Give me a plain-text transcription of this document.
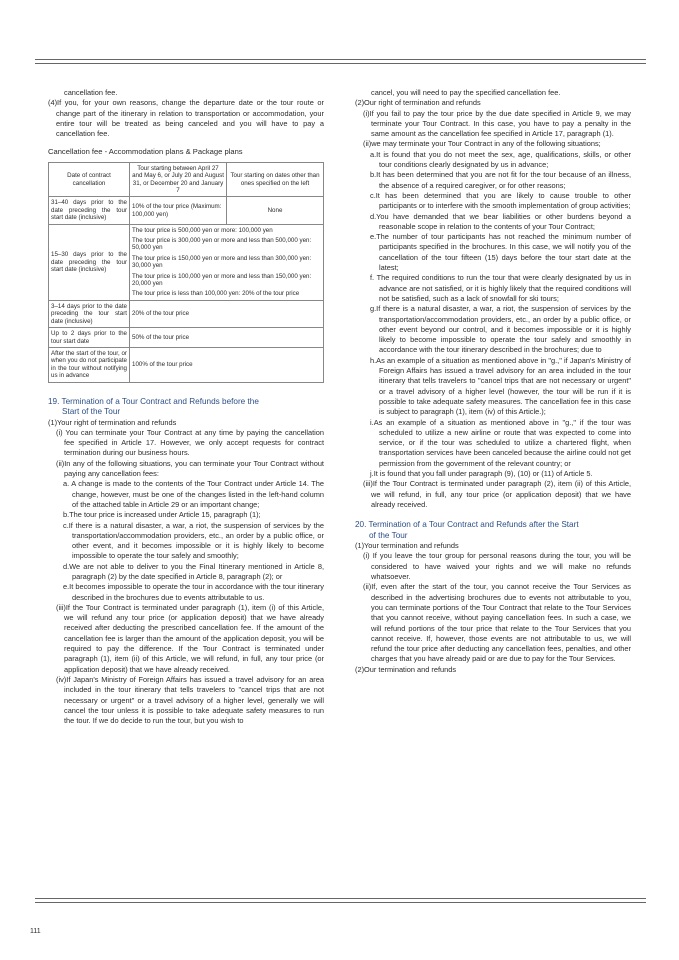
cancellation fee.

(4)If you, for your own reasons, change the departure date or the tour route or change part of the itinerary in relation to transportation or accommodation, your entire tour will be treated as being canceled and you will have to pay a cancellation fee.

Cancellation fee - Accommodation plans & Package plans

Date of contract cancellation	Tour starting between April 27 and May 6, or July 20 and August 31, or December 20 and January 7	Tour starting on dates other than ones specified on the left
31–40 days prior to the date preceding the tour start date (inclusive)	10% of the tour price (Maximum: 100,000 yen)	None
15–30 days prior to the date preceding the tour start date (inclusive)	The tour price is 500,000 yen or more: 100,000 yen

The tour price is 300,000 yen or more and less than 500,000 yen: 50,000 yen

The tour price is 150,000 yen or more and less than 300,000 yen: 30,000 yen

The tour price is 100,000 yen or more and less than 150,000 yen: 20,000 yen

The tour price is less than 100,000 yen: 20% of the tour price	

3–14 days prior to the date preceding the tour start date (inclusive)	20% of the tour price	
Up to 2 days prior to the tour start date	50% of the tour price	
After the start of the tour, or when you do not participate in the tour without notifying us in advance	100% of the tour price	

19. Termination of a Tour Contract and Refunds before the

Start of the Tour

(1)Your right of termination and refunds

(i) You can terminate your Tour Contract at any time by paying the cancellation fee specified in Article 17. However, we only accept requests for contract termination during our business hours.

(ii)In any of the following situations, you can terminate your Tour Contract without paying any cancellation fees:

a. A change is made to the contents of the Tour Contract under Article 14. The change, however, must be one of the changes listed in the left-hand column of the attached table in Article 29 or an important change;

b.The tour price is increased under Article 15, paragraph (1);

c.If there is a natural disaster, a war, a riot, the suspension of services by the transportation/accommodation providers, etc., an order by a public office, or other event, and it becomes impossible or it is highly likely to become impossible to operate the tour safely and smoothly;

d.We are not able to deliver to you the Final Itinerary mentioned in Article 8, paragraph (2) by the date specified in Article 8, paragraph (2); or

e.It becomes impossible to operate the tour in accordance with the tour itinerary described in the brochures due to events attributable to us.

(iii)If the Tour Contract is terminated under paragraph (1), item (i) of this Article, we will refund any tour price (or application deposit) that we have already received after deducting the prescribed cancellation fee. If the amount of the cancellation fee is larger than the amount of the application deposit, you will be required to pay the difference. If the Tour Contract is terminated under paragraph (1), item (ii) of this Article, we will refund, in full, any tour price (or application deposit) that we have already received.

(iv)If Japan's Ministry of Foreign Affairs has issued a travel advisory for an area included in the tour itinerary that tells travelers to "cancel trips that are not necessary or urgent" or a travel advisory of a higher level, generally we will cancel the tour unless it is possible to take adequate safety measures to run the tour. If we do decide to run the tour, but you wish to

cancel, you will need to pay the specified cancellation fee.

(2)Our right of termination and refunds

(i)If you fail to pay the tour price by the due date specified in Article 9, we may terminate your Tour Contract. In this case, you have to pay a penalty in the same amount as the cancellation fee specified in Article 17, paragraph (1).

(ii)we may terminate your Tour Contract in any of the following situations;

a.It is found that you do not meet the sex, age, qualifications, skills, or other tour conditions clearly designated by us in advance;

b.It has been determined that you are not fit for the tour because of an illness, the absence of a required caregiver, or for other reasons;

c.It has been determined that you are likely to cause trouble to other participants or to interfere with the smooth implementation of group activities;

d.You have demanded that we bear liabilities or other burdens beyond a reasonable scope in relation to the contents of your Tour Contract;

e.The number of tour participants has not reached the minimum number of participants specified in the brochures. In this case, we will notify you of the cancellation of the tour fifteen (15) days before the tour start date at the latest;

f. The required conditions to run the tour that were clearly designated by us in advance are not satisfied, or it is highly likely that the required conditions will not be satisfied, such as a lack of snowfall for ski tours;

g.If there is a natural disaster, a war, a riot, the suspension of services by the transportation/accommodation providers, etc., an order by a public office, or other event beyond our control, and it becomes impossible or it is highly likely to become impossible to operate the tour safely and smoothly in accordance with the tour itinerary described in the brochures; due to

h.As an example of a situation as mentioned above in "g.," if Japan's Ministry of Foreign Affairs has issued a travel advisory for an area included in the tour itinerary that tells travelers to "cancel trips that are not necessary or urgent" or a travel advisory of a higher level (however, the tour will be run if it is possible to take adequate safety measures. The cancellation fee in this case is subject to paragraph (1), item (iv) of this Article.);

i.As an example of a situation as mentioned above in "g.," if the tour was scheduled to utilize a new airline or route that was expected to come into service, or if the tour was scheduled to utilize a chartered flight, when transportation services have been canceled because the airline could not get permission from the government of the relevant country; or

j.It is found that you fall under paragraph (9), (10) or (11) of Article 5.

(iii)If the Tour Contract is terminated under paragraph (2), item (ii) of this Article, we will refund, in full, any tour price (or application deposit) that we have already received.

20. Termination of a Tour Contract and Refunds after the Start

of the Tour

(1)Your termination and refunds

(i) If you leave the tour group for personal reasons during the tour, you will be considered to have waived your rights and we will make no refunds whatsoever.

(ii)If, even after the start of the tour, you cannot receive the Tour Services as described in the advertising brochures due to events not attributable to you, you can terminate portions of the Tour Contract that relate to the Tour Services that you cannot receive, without paying cancellation fees. In such a case, we will refund portions of the tour price that relate to the Tour Services that you cannot receive. If, however, those events are not attributable to us, we will refund the tour price after deducting any cancellation fees, penalties, and other charges that you have already paid or are due to pay for the Tour Services.

(2)Our termination and refunds

111
